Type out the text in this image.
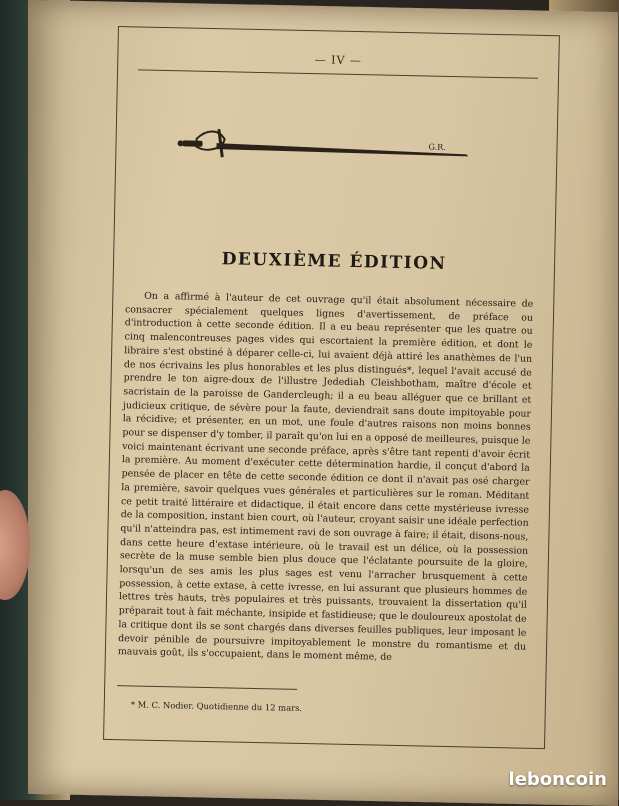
— IV —
G.R.
DEUXIÈME ÉDITION

On a affirmé à l'auteur de cet ouvrage qu'il était absolument nécessaire de consacrer spécialement quelques lignes d'avertissement, de préface ou d'introduction à cette seconde édition. Il a eu beau représenter que les quatre ou cinq malencontreuses pages vides qui escortaient la première édition, et dont le libraire s'est obstiné à déparer celle-ci, lui avaient déjà attiré les anathèmes de l'un de nos écrivains les plus honorables et les plus distingués*, lequel l'avait accusé de prendre le ton aigre-doux de l'illustre Jedediah Cleishbotham, maître d'école et sacristain de la paroisse de Gandercleugh; il a eu beau alléguer que ce brillant et judicieux critique, de sévère pour la faute, deviendrait sans doute impitoyable pour la récidive; et présenter, en un mot, une foule d'autres raisons non moins bonnes pour se dispenser d'y tomber, il paraît qu'on lui en a opposé de meilleures, puisque le voici maintenant écrivant une seconde préface, après s'être tant repenti d'avoir écrit la première. Au moment d'exécuter cette détermination hardie, il conçut d'abord la pensée de placer en tête de cette seconde édition ce dont il n'avait pas osé charger la première, savoir quelques vues générales et particulières sur le roman. Méditant ce petit traité littéraire et didactique, il était encore dans cette mystérieuse ivresse de la composition, instant bien court, où l'auteur, croyant saisir une idéale perfection qu'il n'atteindra pas, est intimement ravi de son ouvrage à faire; il était, disons-nous, dans cette heure d'extase intérieure, où le travail est un délice, où la possession secrète de la muse semble bien plus douce que l'éclatante poursuite de la gloire, lorsqu'un de ses amis les plus sages est venu l'arracher brusquement à cette possession, à cette extase, à cette ivresse, en lui assurant que plusieurs hommes de lettres très hauts, très populaires et très puissants, trouvaient la dissertation qu'il préparait tout à fait méchante, insipide et fastidieuse; que le douloureux apostolat de la critique dont ils se sont chargés dans diverses feuilles publiques, leur imposant le devoir pénible de poursuivre impitoyablement le monstre du romantisme et du mauvais goût, ils s'occupaient, dans le moment même, de

* M. C. Nodier. Quotidienne du 12 mars.
leboncoin
